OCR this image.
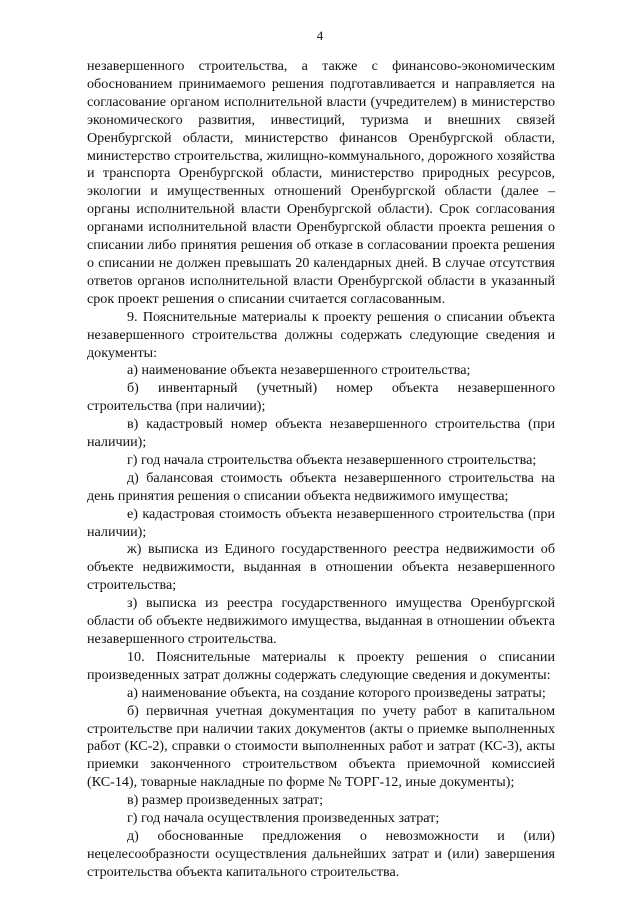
4

незавершенного строительства, а также с финансово-экономическим обоснованием принимаемого решения подготавливается и направляется на согласование органом исполнительной власти (учредителем) в министерство экономического развития, инвестиций, туризма и внешних связей Оренбургской области, министерство финансов Оренбургской области, министерство строительства, жилищно-коммунального, дорожного хозяйства и транспорта Оренбургской области, министерство природных ресурсов, экологии и имущественных отношений Оренбургской области (далее – органы исполнительной власти Оренбургской области). Срок согласования органами исполнительной власти Оренбургской области проекта решения о списании либо принятия решения об отказе в согласовании проекта решения о списании не должен превышать 20 календарных дней. В случае отсутствия ответов органов исполнительной власти Оренбургской области в указанный срок проект решения о списании считается согласованным.

9. Пояснительные материалы к проекту решения о списании объекта незавершенного строительства должны содержать следующие сведения и документы:

а) наименование объекта незавершенного строительства;

б) инвентарный (учетный) номер объекта незавершенного строительства (при наличии);

в) кадастровый номер объекта незавершенного строительства (при наличии);

г) год начала строительства объекта незавершенного строительства;

д) балансовая стоимость объекта незавершенного строительства на день принятия решения о списании объекта недвижимого имущества;

е) кадастровая стоимость объекта незавершенного строительства (при наличии);

ж) выписка из Единого государственного реестра недвижимости об объекте недвижимости, выданная в отношении объекта незавершенного строительства;

з) выписка из реестра государственного имущества Оренбургской области об объекте недвижимого имущества, выданная в отношении объекта незавершенного строительства.

10. Пояснительные материалы к проекту решения о списании произведенных затрат должны содержать следующие сведения и документы:

а) наименование объекта, на создание которого произведены затраты;

б) первичная учетная документация по учету работ в капитальном строительстве при наличии таких документов (акты о приемке выполненных работ (КС-2), справки о стоимости выполненных работ и затрат (КС-3), акты приемки законченного строительством объекта приемочной комиссией (КС-14), товарные накладные по форме № ТОРГ-12, иные документы);

в) размер произведенных затрат;

г) год начала осуществления произведенных затрат;

д) обоснованные предложения о невозможности и (или) нецелесообразности осуществления дальнейших затрат и (или) завершения строительства объекта капитального строительства.
